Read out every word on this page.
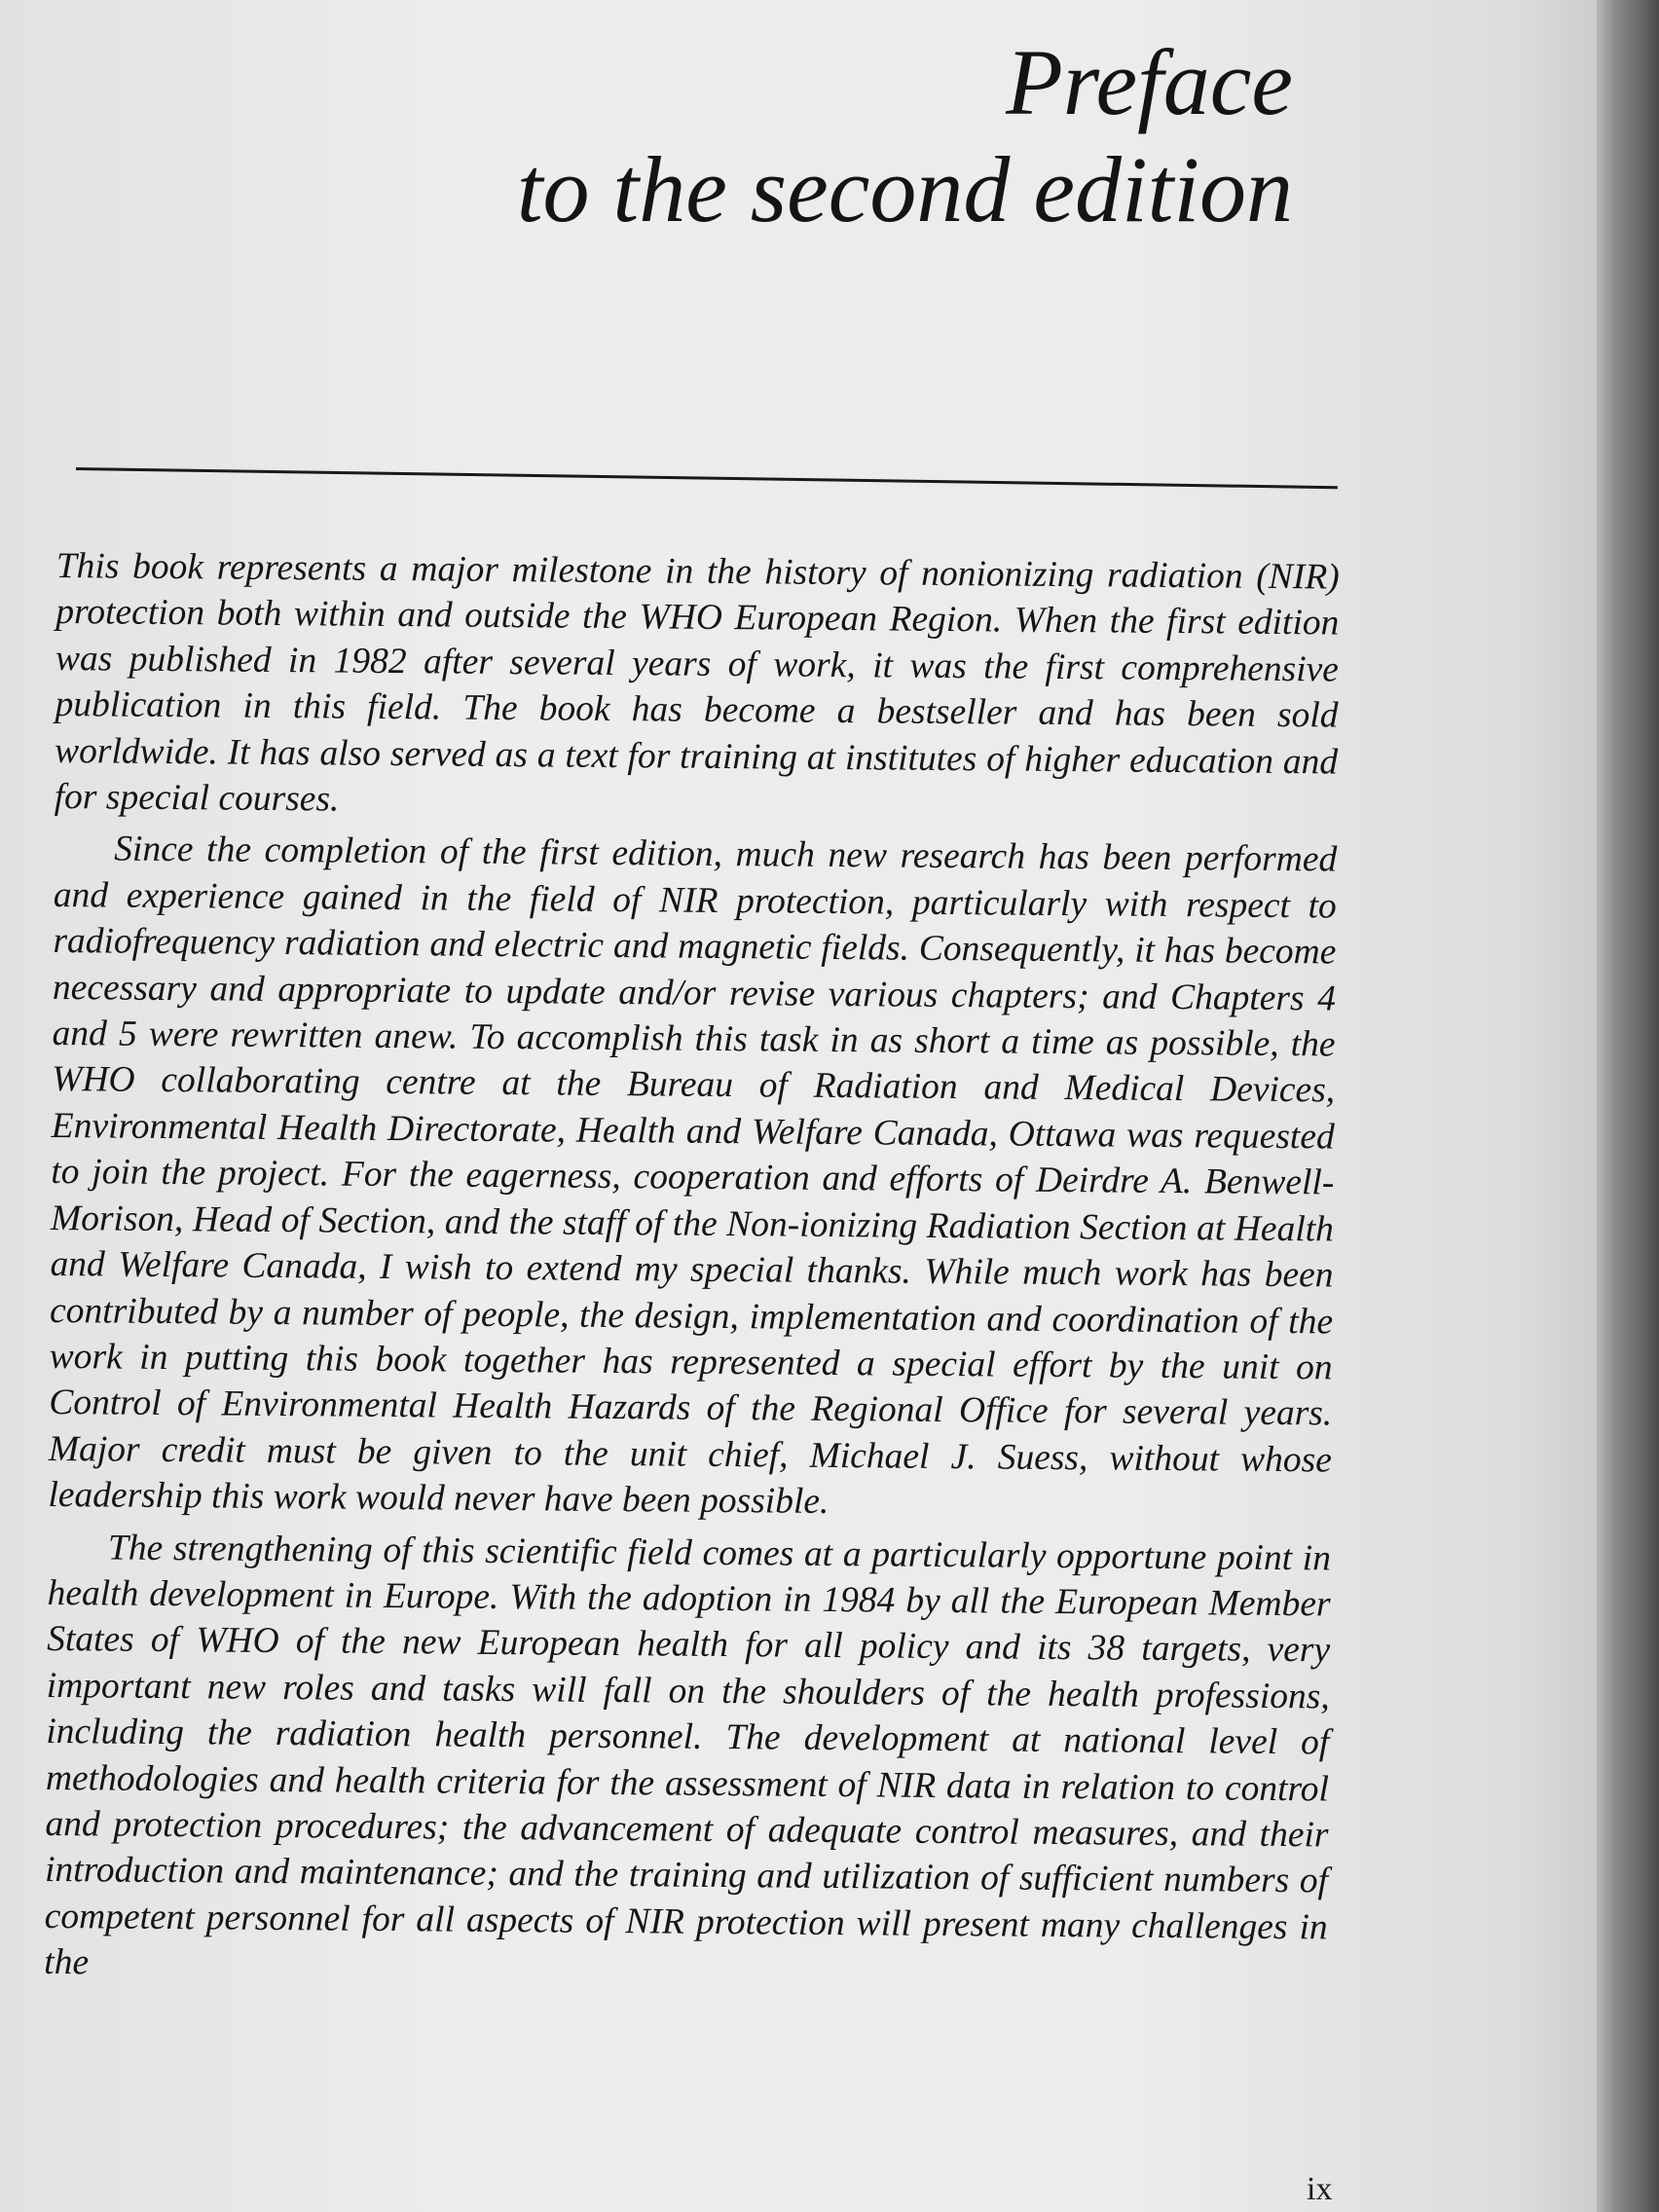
Preface
to the second edition

This book represents a major milestone in the history of nonionizing radiation (NIR) protection both within and outside the WHO European Region. When the first edition was published in 1982 after several years of work, it was the first comprehensive publication in this field. The book has become a bestseller and has been sold worldwide. It has also served as a text for training at institutes of higher education and for special courses.

Since the completion of the first edition, much new research has been performed and experience gained in the field of NIR protection, particularly with respect to radiofrequency radiation and electric and magnetic fields. Consequently, it has become necessary and appropriate to update and/or revise various chapters; and Chapters 4 and 5 were rewritten anew. To accomplish this task in as short a time as possible, the WHO collaborating centre at the Bureau of Radiation and Medical Devices, Environmental Health Directorate, Health and Welfare Canada, Ottawa was requested to join the project. For the eagerness, cooperation and efforts of Deirdre A. Benwell-Morison, Head of Section, and the staff of the Non-ionizing Radiation Section at Health and Welfare Canada, I wish to extend my special thanks. While much work has been contributed by a number of people, the design, implementation and coordination of the work in putting this book together has represented a special effort by the unit on Control of Environmental Health Hazards of the Regional Office for several years. Major credit must be given to the unit chief, Michael J. Suess, without whose leadership this work would never have been possible.

The strengthening of this scientific field comes at a particularly opportune point in health development in Europe. With the adoption in 1984 by all the European Member States of WHO of the new European health for all policy and its 38 targets, very important new roles and tasks will fall on the shoulders of the health professions, including the radiation health personnel. The development at national level of methodologies and health criteria for the assessment of NIR data in relation to control and protection procedures; the advancement of adequate control measures, and their introduction and maintenance; and the training and utilization of sufficient numbers of competent personnel for all aspects of NIR protection will present many challenges in the

ix
